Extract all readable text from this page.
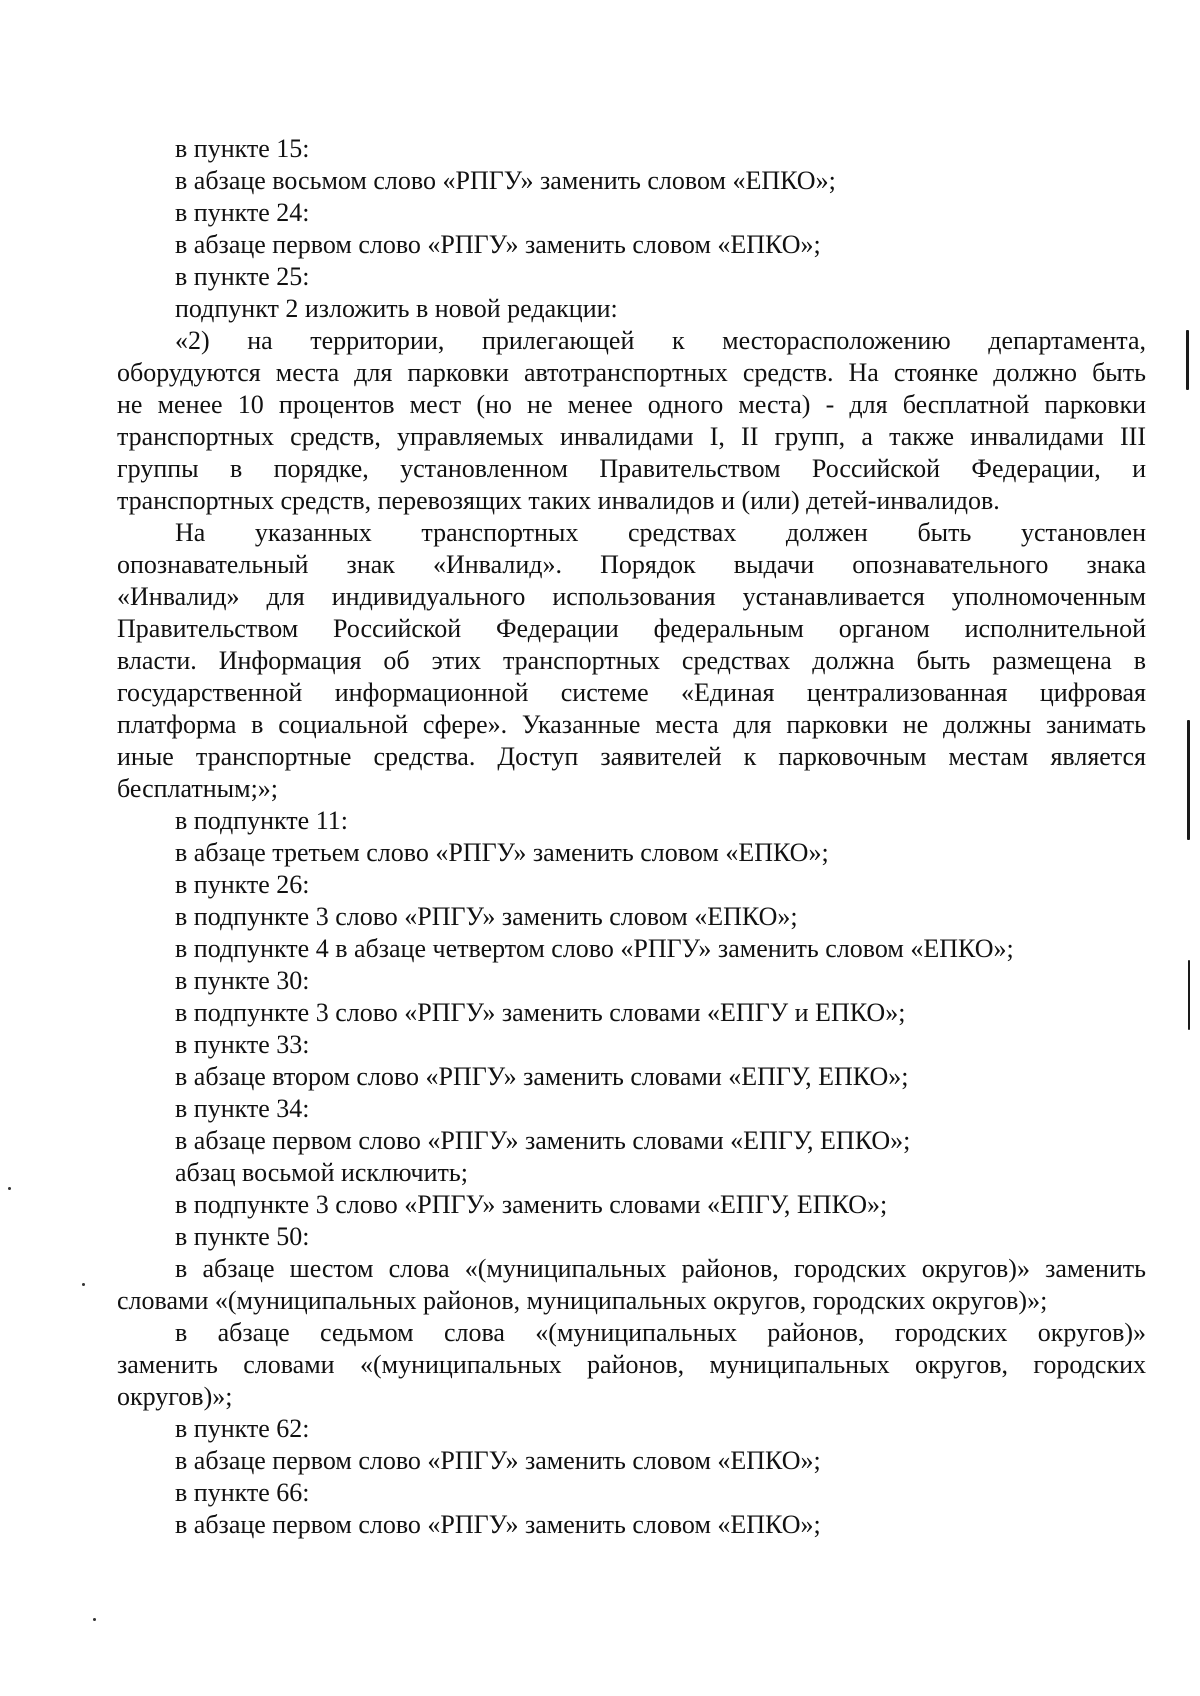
в пункте 15:
в абзаце восьмом слово «РПГУ» заменить словом «ЕПКО»;
в пункте 24:
в абзаце первом слово «РПГУ» заменить словом «ЕПКО»;
в пункте 25:
подпункт 2 изложить в новой редакции:
«2) на территории, прилегающей к месторасположению департамента,
оборудуются места для парковки автотранспортных средств. На стоянке должно быть
не менее 10 процентов мест (но не менее одного места) - для бесплатной парковки
транспортных средств, управляемых инвалидами I, II групп, а также инвалидами III
группы в порядке, установленном Правительством Российской Федерации, и
транспортных средств, перевозящих таких инвалидов и (или) детей-инвалидов.
На указанных транспортных средствах должен быть установлен
опознавательный знак «Инвалид». Порядок выдачи опознавательного знака
«Инвалид» для индивидуального использования устанавливается уполномоченным
Правительством Российской Федерации федеральным органом исполнительной
власти. Информация об этих транспортных средствах должна быть размещена в
государственной информационной системе «Единая централизованная цифровая
платформа в социальной сфере». Указанные места для парковки не должны занимать
иные транспортные средства. Доступ заявителей к парковочным местам является
бесплатным;»;
в подпункте 11:
в абзаце третьем слово «РПГУ» заменить словом «ЕПКО»;
в пункте 26:
в подпункте 3 слово «РПГУ» заменить словом «ЕПКО»;
в подпункте 4 в абзаце четвертом слово «РПГУ» заменить словом «ЕПКО»;
в пункте 30:
в подпункте 3 слово «РПГУ» заменить словами «ЕПГУ и ЕПКО»;
в пункте 33:
в абзаце втором слово «РПГУ» заменить словами «ЕПГУ, ЕПКО»;
в пункте 34:
в абзаце первом слово «РПГУ» заменить словами «ЕПГУ, ЕПКО»;
абзац восьмой исключить;
в подпункте 3 слово «РПГУ» заменить словами «ЕПГУ, ЕПКО»;
в пункте 50:
в абзаце шестом слова «(муниципальных районов, городских округов)» заменить
словами «(муниципальных районов, муниципальных округов, городских округов)»;
в абзаце седьмом слова «(муниципальных районов, городских округов)»
заменить словами «(муниципальных районов, муниципальных округов, городских
округов)»;
в пункте 62:
в абзаце первом слово «РПГУ» заменить словом «ЕПКО»;
в пункте 66:
в абзаце первом слово «РПГУ» заменить словом «ЕПКО»;
